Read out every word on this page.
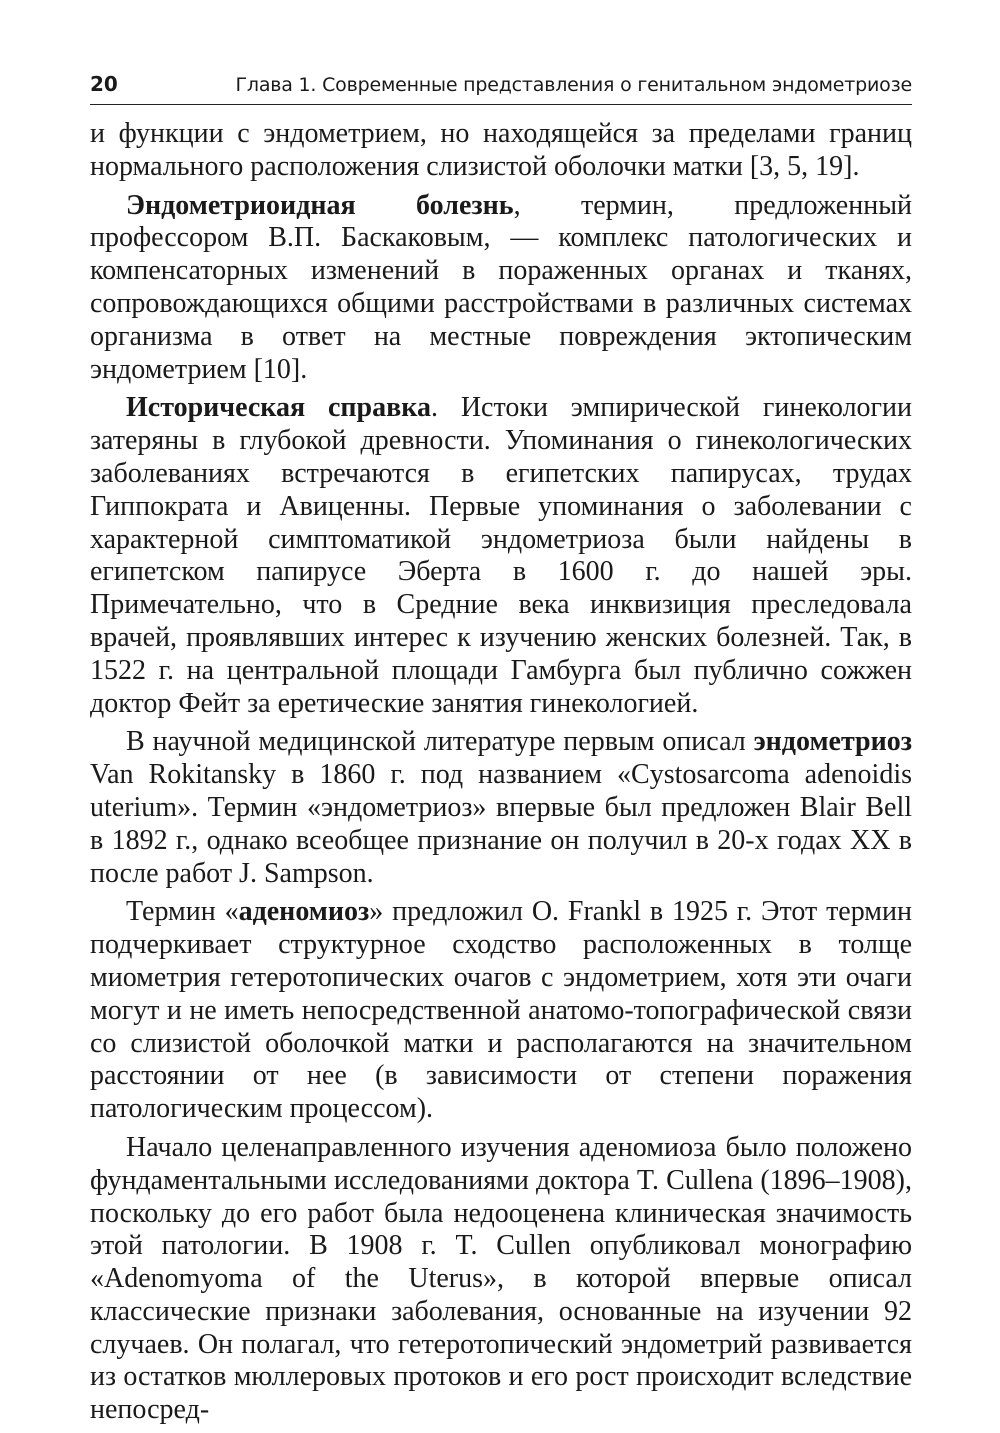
20	Глава 1. Современные представления о генитальном эндометриозе

и функции с эндометрием, но находящейся за пределами границ нормального расположения слизистой оболочки матки [3, 5, 19].

Эндометриоидная болезнь, термин, предложенный профессором В.П. Баскаковым, — комплекс патологических и компенсаторных изменений в пораженных органах и тканях, сопровождающихся общими расстройствами в различных системах организма в ответ на местные повреждения эктопическим эндометрием [10].

Историческая справка. Истоки эмпирической гинекологии затеряны в глубокой древности. Упоминания о гинекологических заболеваниях встречаются в египетских папирусах, трудах Гиппократа и Авиценны. Первые упоминания о заболевании с характерной симптоматикой эндометриоза были найдены в египетском папирусе Эберта в 1600 г. до нашей эры. Примечательно, что в Средние века инквизиция преследовала врачей, проявлявших интерес к изучению женских болезней. Так, в 1522 г. на центральной площади Гамбурга был публично сожжен доктор Фейт за еретические занятия гинекологией.

В научной медицинской литературе первым описал эндометриоз Van Rokitansky в 1860 г. под названием «Cystosarcoma adenoidis uterium». Термин «эндометриоз» впервые был предложен Blair Bell в 1892 г., однако всеобщее признание он получил в 20-х годах XX в после работ J. Sampson.

Термин «аденомиоз» предложил O. Frankl в 1925 г. Этот термин подчеркивает структурное сходство расположенных в толще миометрия гетеротопических очагов с эндометрием, хотя эти очаги могут и не иметь непосредственной анатомо-топографической связи со слизистой оболочкой матки и располагаются на значительном расстоянии от нее (в зависимости от степени поражения патологическим процессом).

Начало целенаправленного изучения аденомиоза было положено фундаментальными исследованиями доктора T. Cullena (1896–1908), поскольку до его работ была недооценена клиническая значимость этой патологии. В 1908 г. T. Cullen опубликовал монографию «Adenomyoma of the Uterus», в которой впервые описал классические признаки заболевания, основанные на изучении 92 случаев. Он полагал, что гетеротопический эндометрий развивается из остатков мюллеровых протоков и его рост происходит вследствие непосред-
